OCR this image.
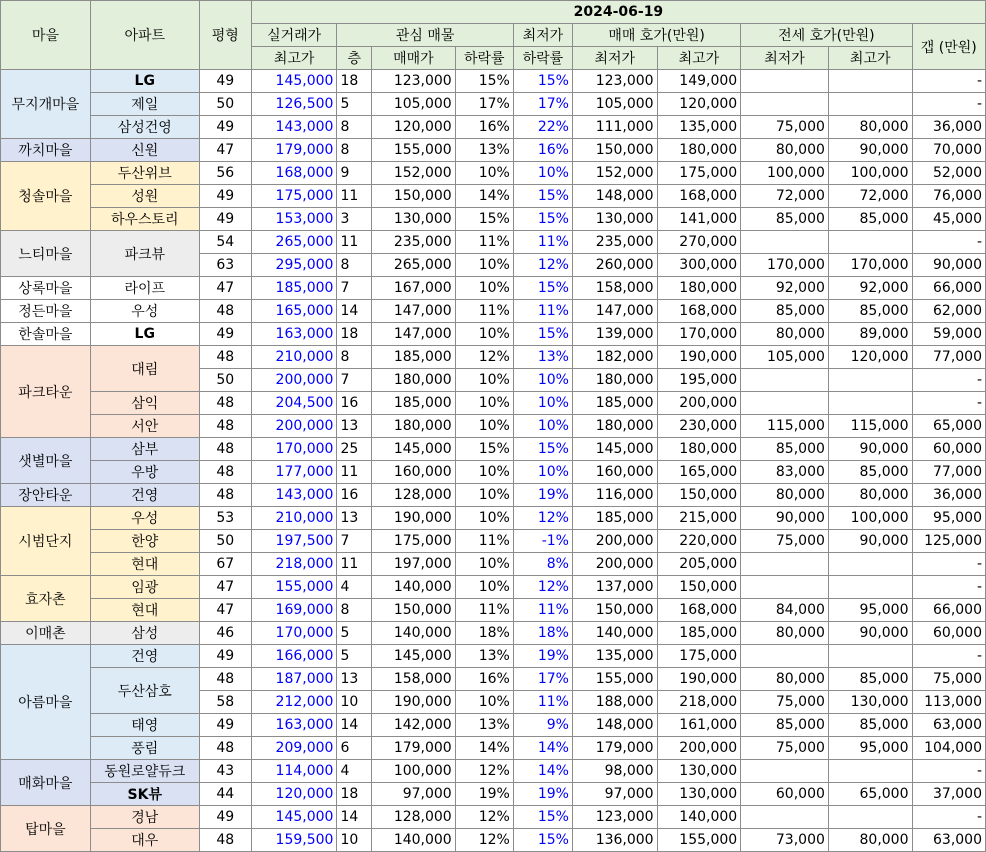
마을	아파트	평형	2024-06-19									
			실거래가	관심 매물			최저가	매매 호가(만원)		전세 호가(만원)		갭 (만원)
			최고가	층	매매가	하락률	하락률	최저가	최고가	최저가	최고가	
무지개마을	LG	49	145,000	18	123,000	15%	15%	123,000	149,000			-
	제일	50	126,500	5	105,000	17%	17%	105,000	120,000			-
	삼성건영	49	143,000	8	120,000	16%	22%	111,000	135,000	75,000	80,000	36,000
까치마을	신원	47	179,000	8	155,000	13%	16%	150,000	180,000	80,000	90,000	70,000
청솔마을	두산위브	56	168,000	9	152,000	10%	10%	152,000	175,000	100,000	100,000	52,000
	성원	49	175,000	11	150,000	14%	15%	148,000	168,000	72,000	72,000	76,000
	하우스토리	49	153,000	3	130,000	15%	15%	130,000	141,000	85,000	85,000	45,000
느티마을	파크뷰	54	265,000	11	235,000	11%	11%	235,000	270,000			-
		63	295,000	8	265,000	10%	12%	260,000	300,000	170,000	170,000	90,000
상록마을	라이프	47	185,000	7	167,000	10%	15%	158,000	180,000	92,000	92,000	66,000
정든마을	우성	48	165,000	14	147,000	11%	11%	147,000	168,000	85,000	85,000	62,000
한솔마을	LG	49	163,000	18	147,000	10%	15%	139,000	170,000	80,000	89,000	59,000
파크타운	대림	48	210,000	8	185,000	12%	13%	182,000	190,000	105,000	120,000	77,000
		50	200,000	7	180,000	10%	10%	180,000	195,000			-
	삼익	48	204,500	16	185,000	10%	10%	185,000	200,000			-
	서안	48	200,000	13	180,000	10%	10%	180,000	230,000	115,000	115,000	65,000
샛별마을	삼부	48	170,000	25	145,000	15%	15%	145,000	180,000	85,000	90,000	60,000
	우방	48	177,000	11	160,000	10%	10%	160,000	165,000	83,000	85,000	77,000
장안타운	건영	48	143,000	16	128,000	10%	19%	116,000	150,000	80,000	80,000	36,000
시범단지	우성	53	210,000	13	190,000	10%	12%	185,000	215,000	90,000	100,000	95,000
	한양	50	197,500	7	175,000	11%	-1%	200,000	220,000	75,000	90,000	125,000
	현대	67	218,000	11	197,000	10%	8%	200,000	205,000			-
효자촌	임광	47	155,000	4	140,000	10%	12%	137,000	150,000			-
	현대	47	169,000	8	150,000	11%	11%	150,000	168,000	84,000	95,000	66,000
이매촌	삼성	46	170,000	5	140,000	18%	18%	140,000	185,000	80,000	90,000	60,000
아름마을	건영	49	166,000	5	145,000	13%	19%	135,000	175,000			-
	두산삼호	48	187,000	13	158,000	16%	17%	155,000	190,000	80,000	85,000	75,000
		58	212,000	10	190,000	10%	11%	188,000	218,000	75,000	130,000	113,000
	태영	49	163,000	14	142,000	13%	9%	148,000	161,000	85,000	85,000	63,000
	풍림	48	209,000	6	179,000	14%	14%	179,000	200,000	75,000	95,000	104,000
매화마을	동원로얄듀크	43	114,000	4	100,000	12%	14%	98,000	130,000			-
	SK뷰	44	120,000	18	97,000	19%	19%	97,000	130,000	60,000	65,000	37,000
탑마을	경남	49	145,000	14	128,000	12%	15%	123,000	140,000			-
	대우	48	159,500	10	140,000	12%	15%	136,000	155,000	73,000	80,000	63,000
